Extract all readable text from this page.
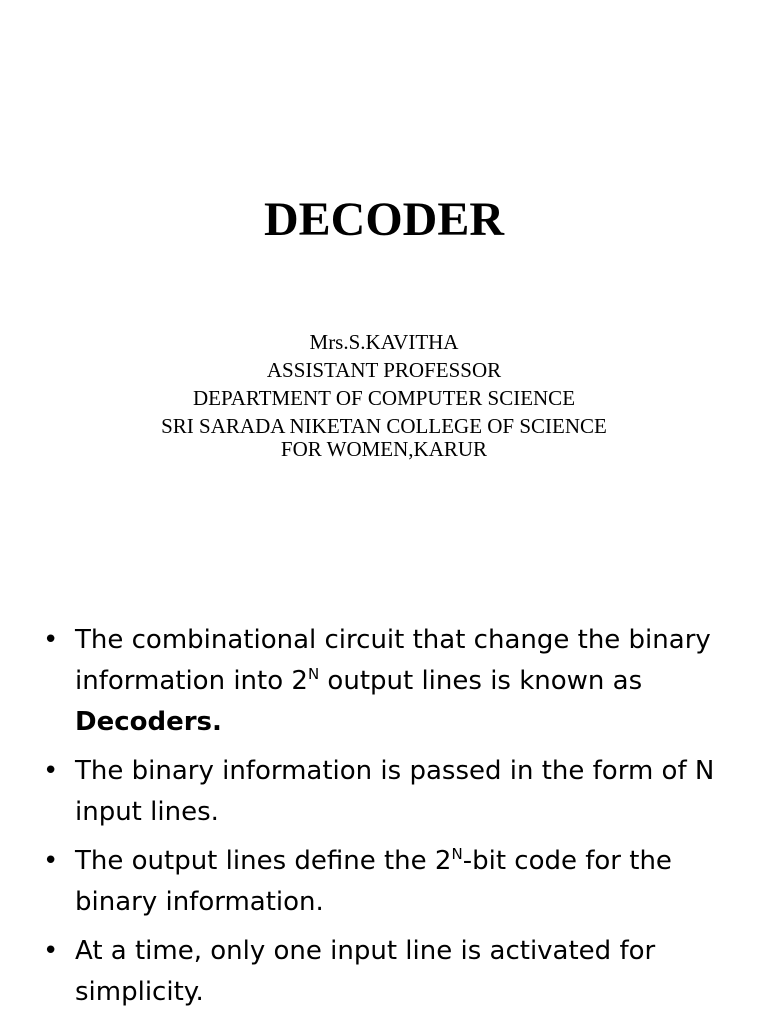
DECODER
Mrs.S.KAVITHA
ASSISTANT PROFESSOR
DEPARTMENT OF COMPUTER SCIENCE
SRI SARADA NIKETAN COLLEGE OF SCIENCE
FOR WOMEN,KARUR
• The combinational circuit that change the binary information into $2^N$ output lines is known as Decoders.
• The binary information is passed in the form of N input lines.
• The output lines define the $2^N$-bit code for the binary information.
• At a time, only one input line is activated for simplicity.
